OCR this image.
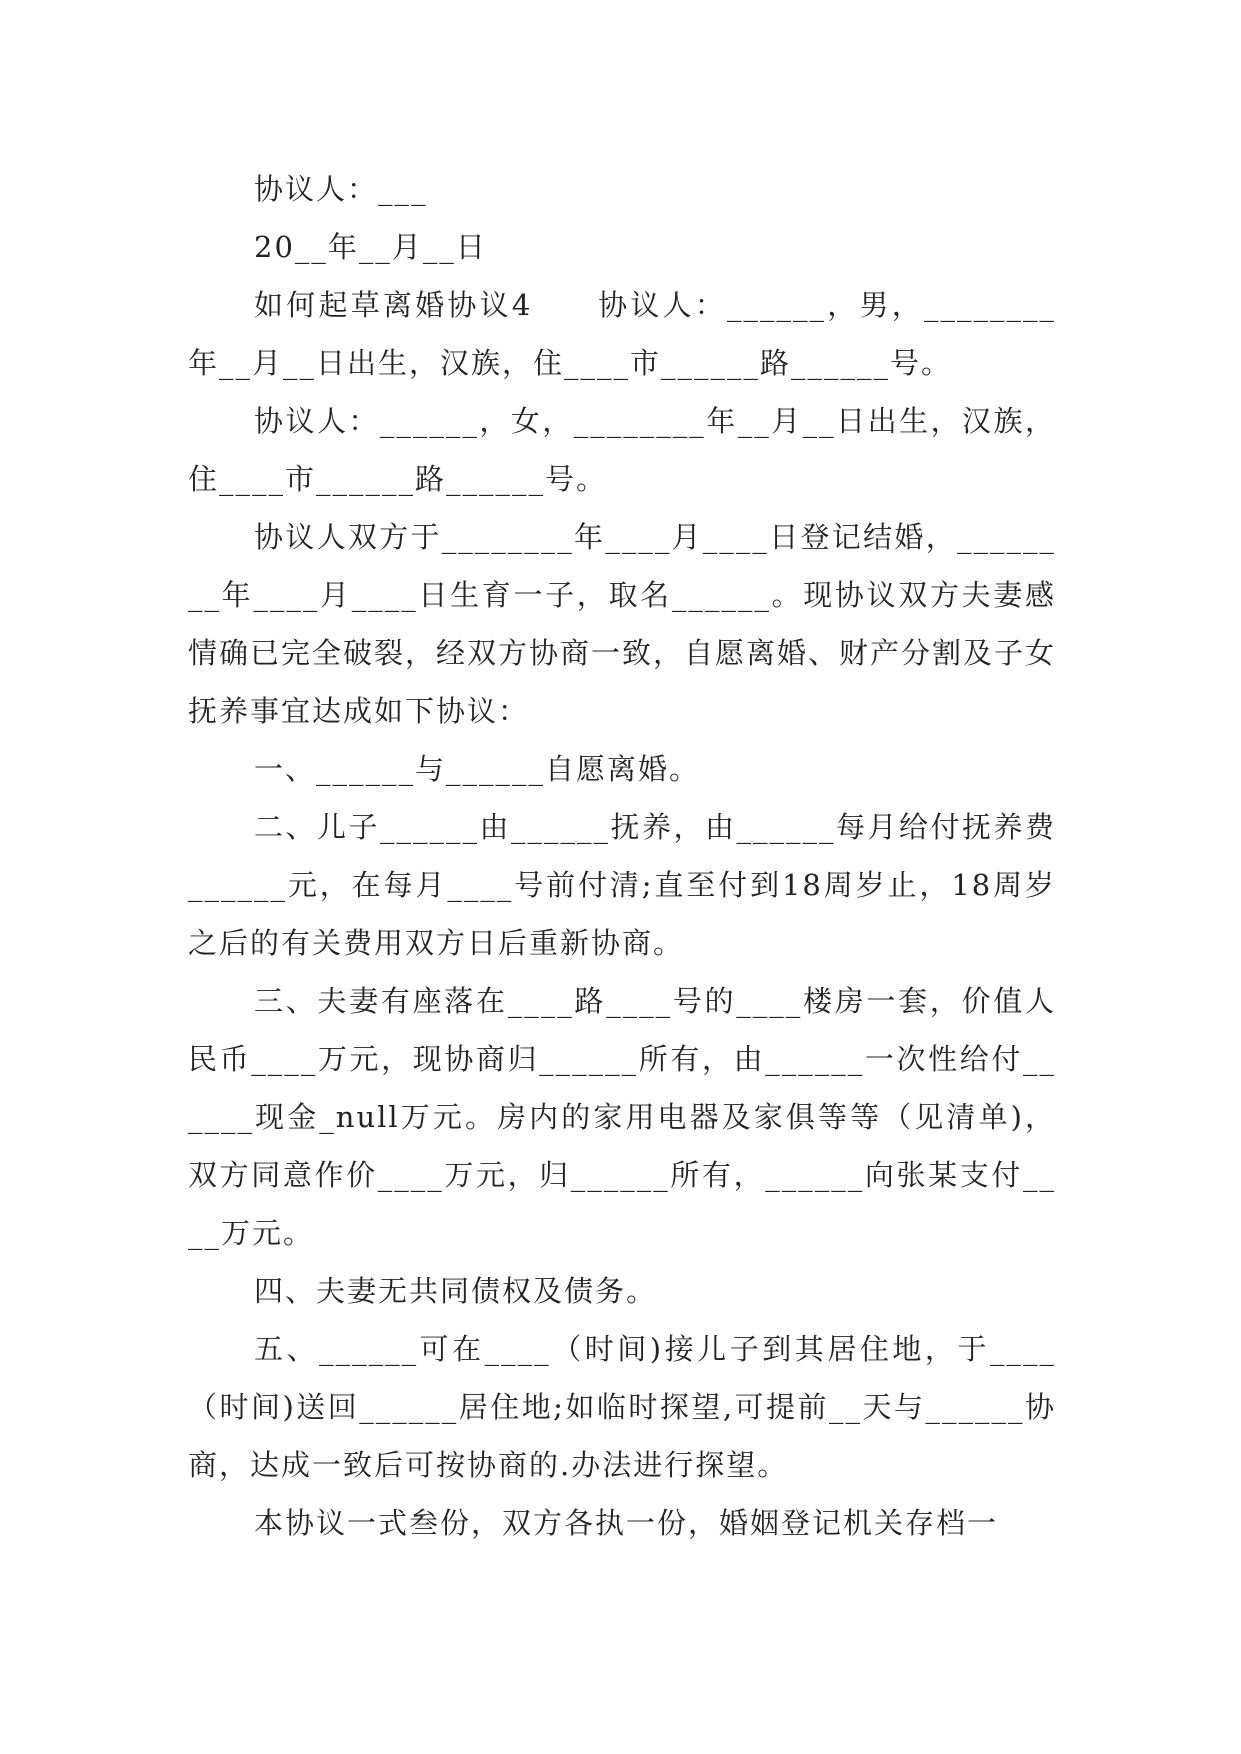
协议人：___

20__年__月__日

如何起草离婚协议4　　协议人：______，男，________年__月__日出生，汉族，住____市______路______号。

协议人：______，女，________年__月__日出生，汉族，住____市______路______号。

协议人双方于________年____月____日登记结婚，________年____月____日生育一子，取名______。现协议双方夫妻感情确已完全破裂，经双方协商一致，自愿离婚、财产分割及子女抚养事宜达成如下协议：

一、______与______自愿离婚。

二、儿子______由______抚养，由______每月给付抚养费______元，在每月____号前付清;直至付到18周岁止，18周岁之后的有关费用双方日后重新协商。

三、夫妻有座落在____路____号的____楼房一套，价值人民币____万元，现协商归______所有，由______一次性给付______现金_null万元。房内的家用电器及家俱等等（见清单)，双方同意作价____万元，归______所有，______向张某支付____万元。

四、夫妻无共同债权及债务。

五、______可在____（时间)接儿子到其居住地，于____（时间)送回______居住地;如临时探望,可提前__天与______协商，达成一致后可按协商的.办法进行探望。

本协议一式叁份，双方各执一份，婚姻登记机关存档一
